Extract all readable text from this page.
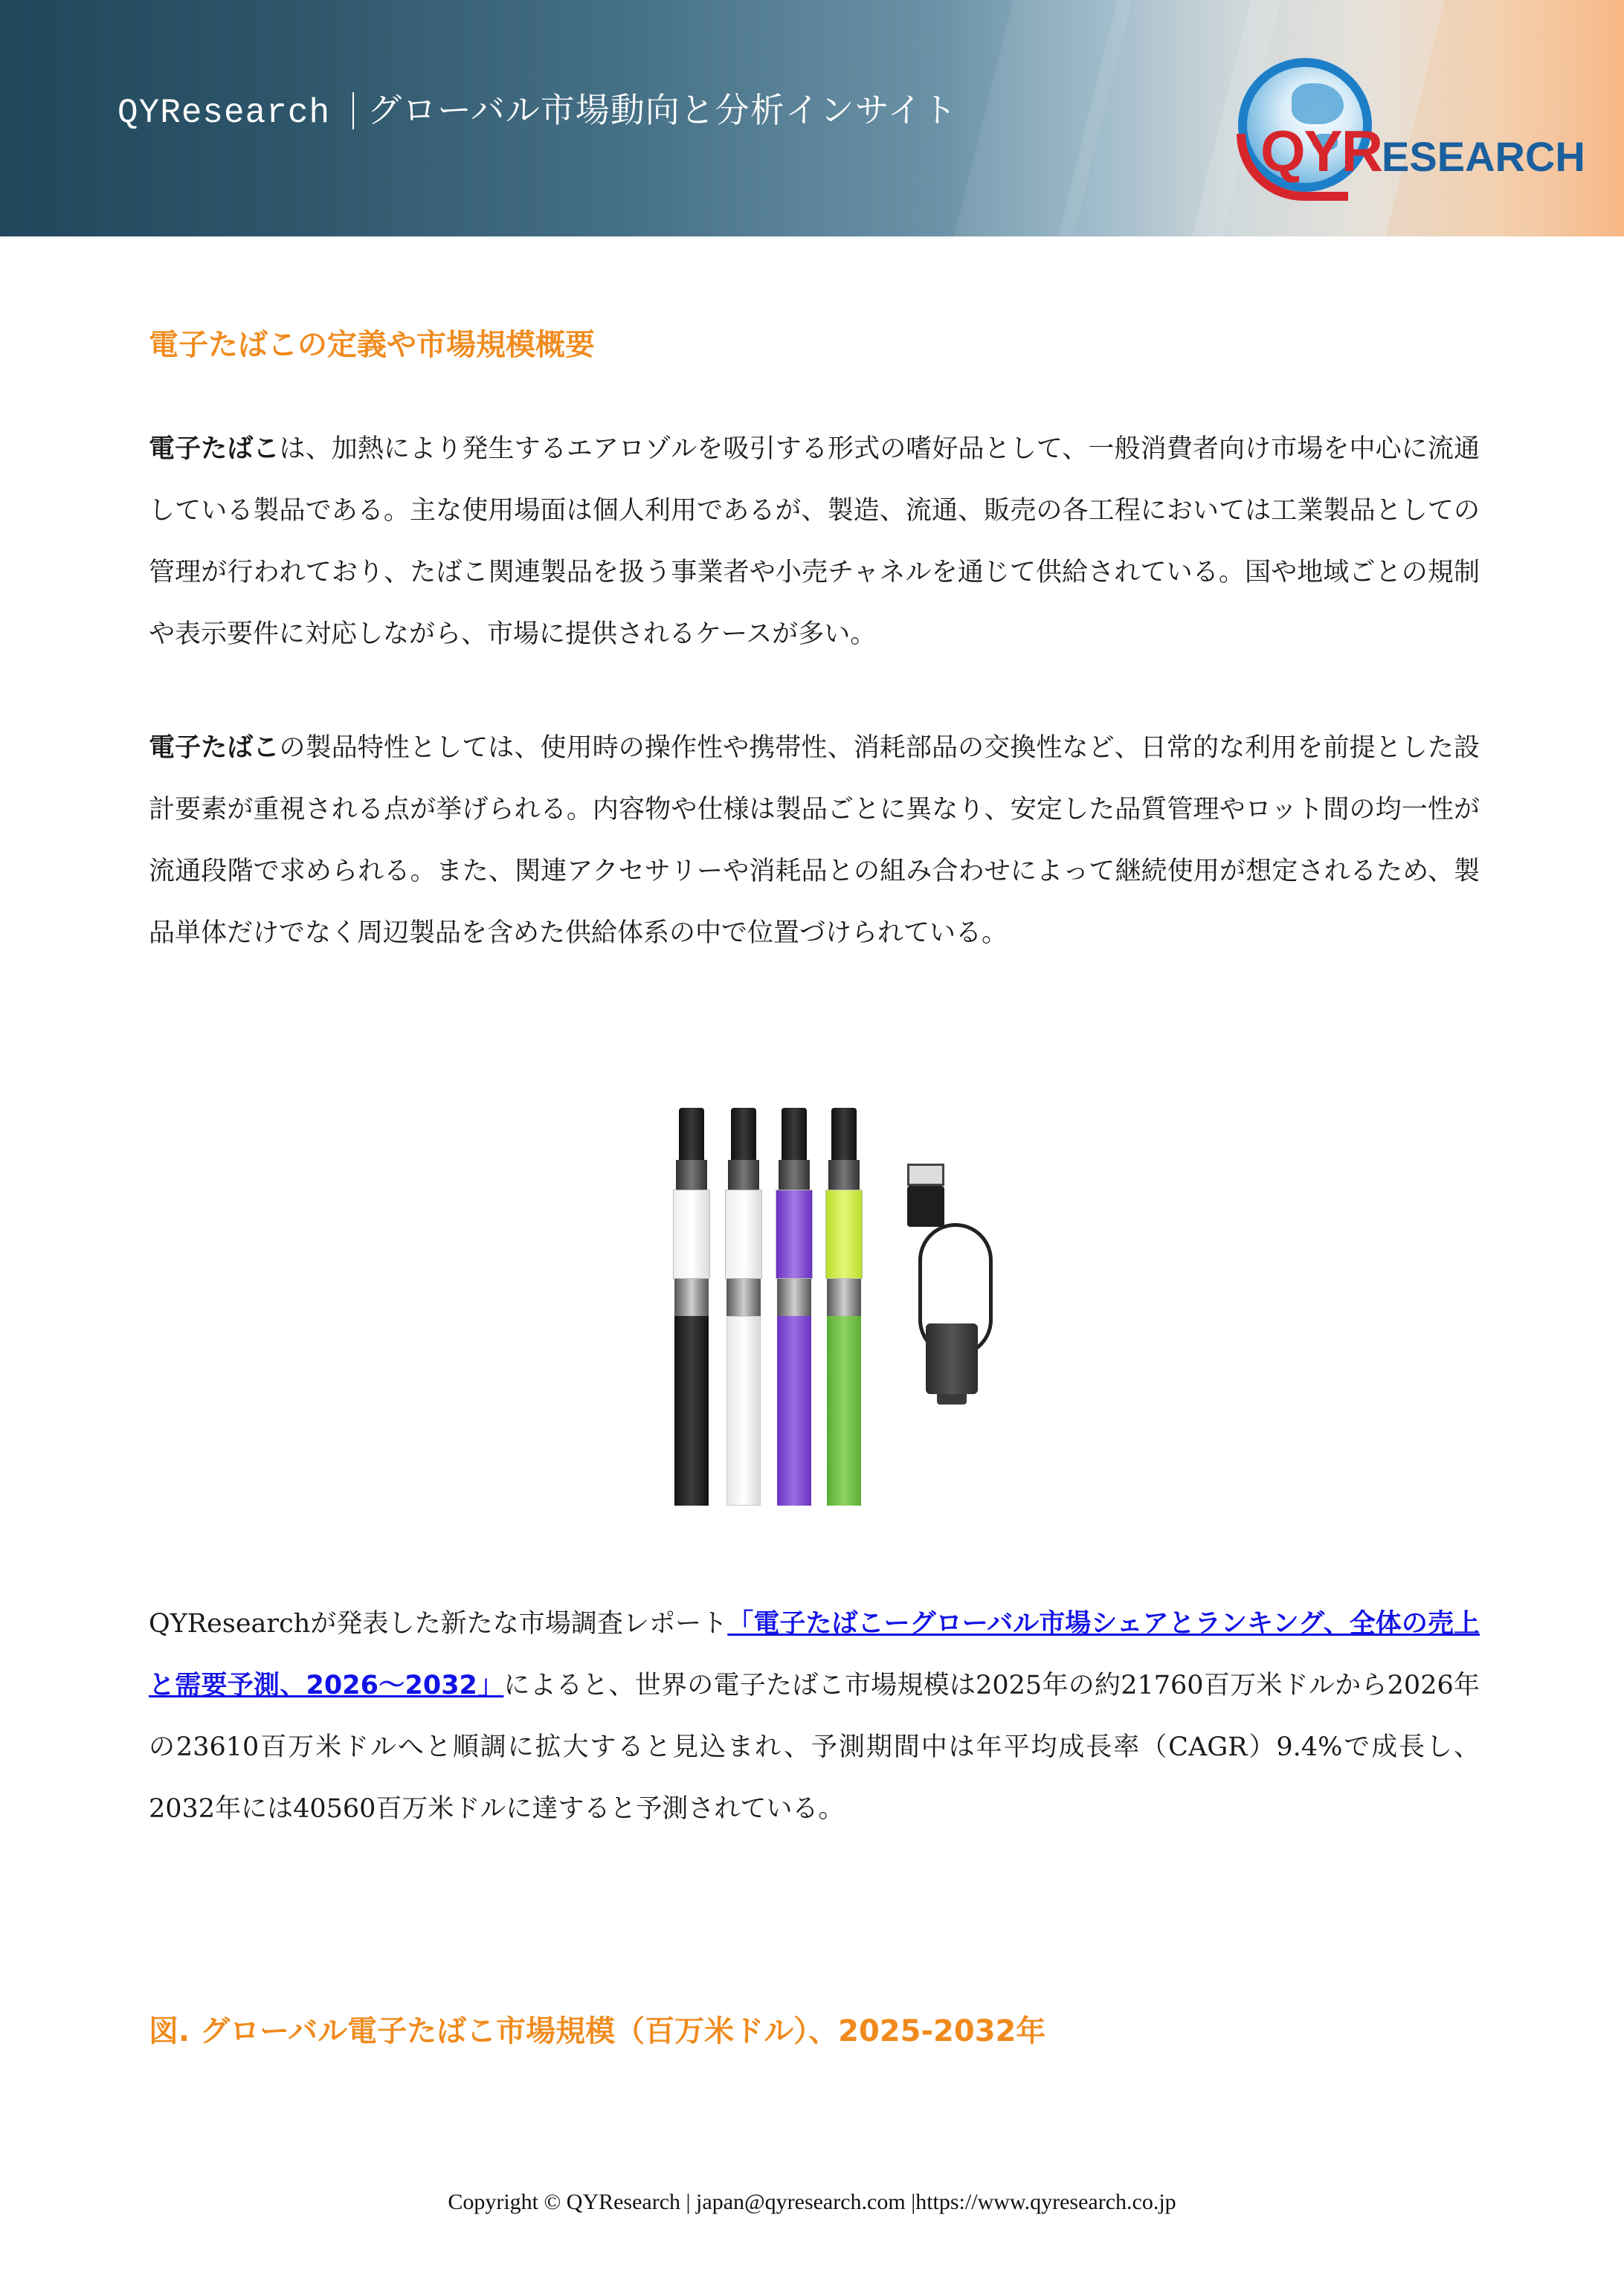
QYResearch グローバル市場動向と分析インサイト
QYRESEARCH
電子たばこの定義や市場規模概要
電子たばこは、加熱により発生するエアロゾルを吸引する形式の嗜好品として、一般消費者向け市場を中心に流通している製品である。主な使用場面は個人利用であるが、製造、流通、販売の各工程においては工業製品としての管理が行われており、たばこ関連製品を扱う事業者や小売チャネルを通じて供給されている。国や地域ごとの規制や表示要件に対応しながら、市場に提供されるケースが多い。
電子たばこの製品特性としては、使用時の操作性や携帯性、消耗部品の交換性など、日常的な利用を前提とした設計要素が重視される点が挙げられる。内容物や仕様は製品ごとに異なり、安定した品質管理やロット間の均一性が流通段階で求められる。また、関連アクセサリーや消耗品との組み合わせによって継続使用が想定されるため、製品単体だけでなく周辺製品を含めた供給体系の中で位置づけられている。
QYResearchが発表した新たな市場調査レポート「電子たばこーグローバル市場シェアとランキング、全体の売上と需要予測、2026～2032」によると、世界の電子たばこ市場規模は2025年の約21760百万米ドルから2026年の23610百万米ドルへと順調に拡大すると見込まれ、予測期間中は年平均成長率（CAGR）9.4%で成長し、2032年には40560百万米ドルに達すると予測されている。
図. グローバル電子たばこ市場規模（百万米ドル）、2025-2032年
Copyright © QYResearch | japan@qyresearch.com |https://www.qyresearch.co.jp
